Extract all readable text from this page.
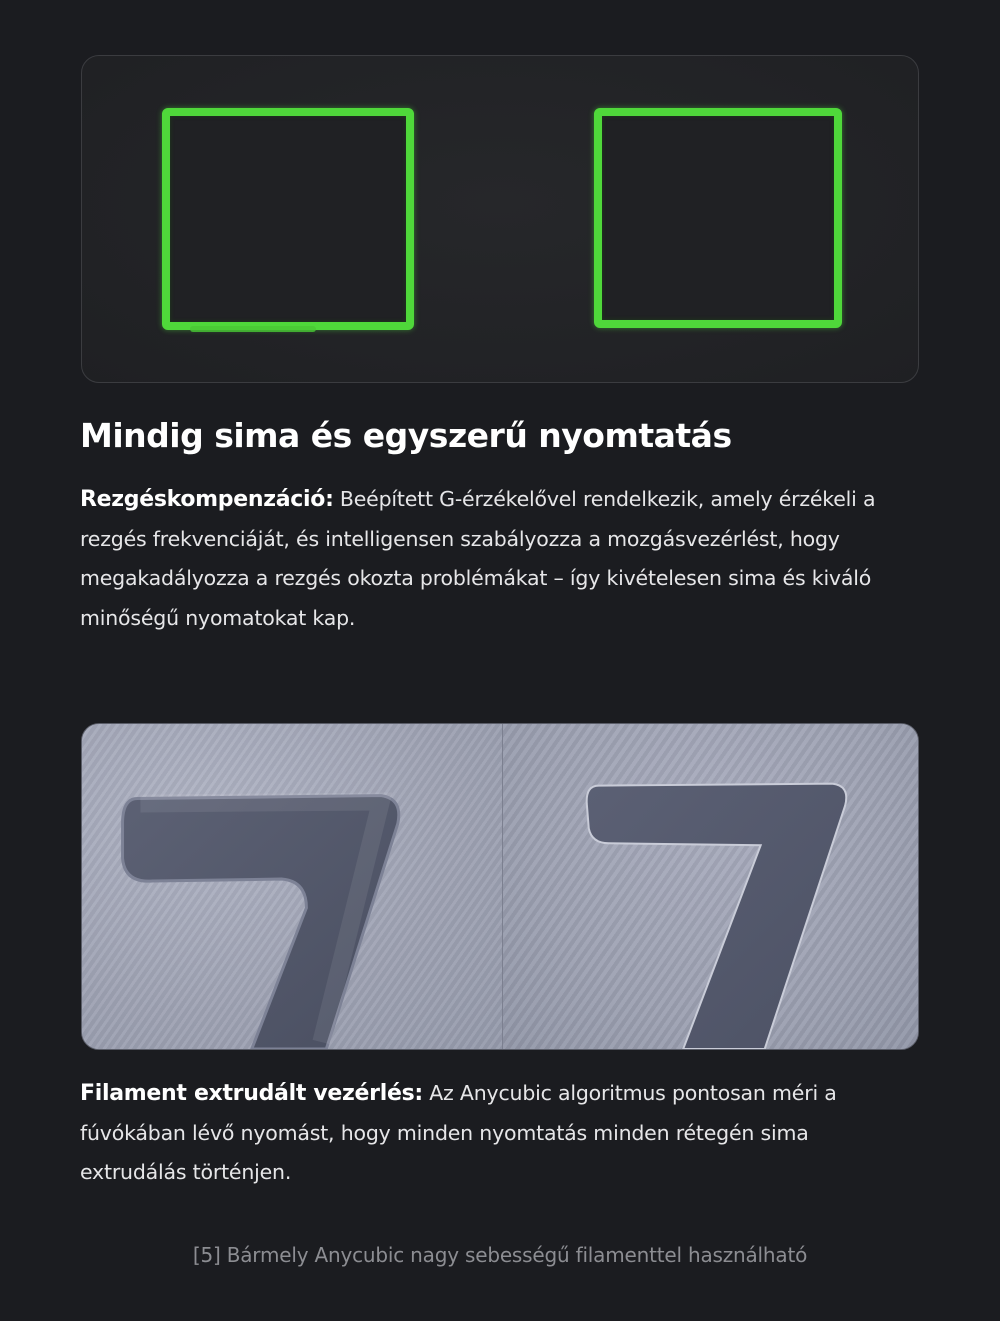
Mindig sima és egyszerű nyomtatás

Rezgéskompenzáció: Beépített G-érzékelővel rendelkezik, amely érzékeli a rezgés frekvenciáját, és intelligensen szabályozza a mozgásvezérlést, hogy megakadályozza a rezgés okozta problémákat – így kivételesen sima és kiváló minőségű nyomatokat kap.

Filament extrudált vezérlés: Az Anycubic algoritmus pontosan méri a fúvókában lévő nyomást, hogy minden nyomtatás minden rétegén sima extrudálás történjen.

[5] Bármely Anycubic nagy sebességű filamenttel használható
